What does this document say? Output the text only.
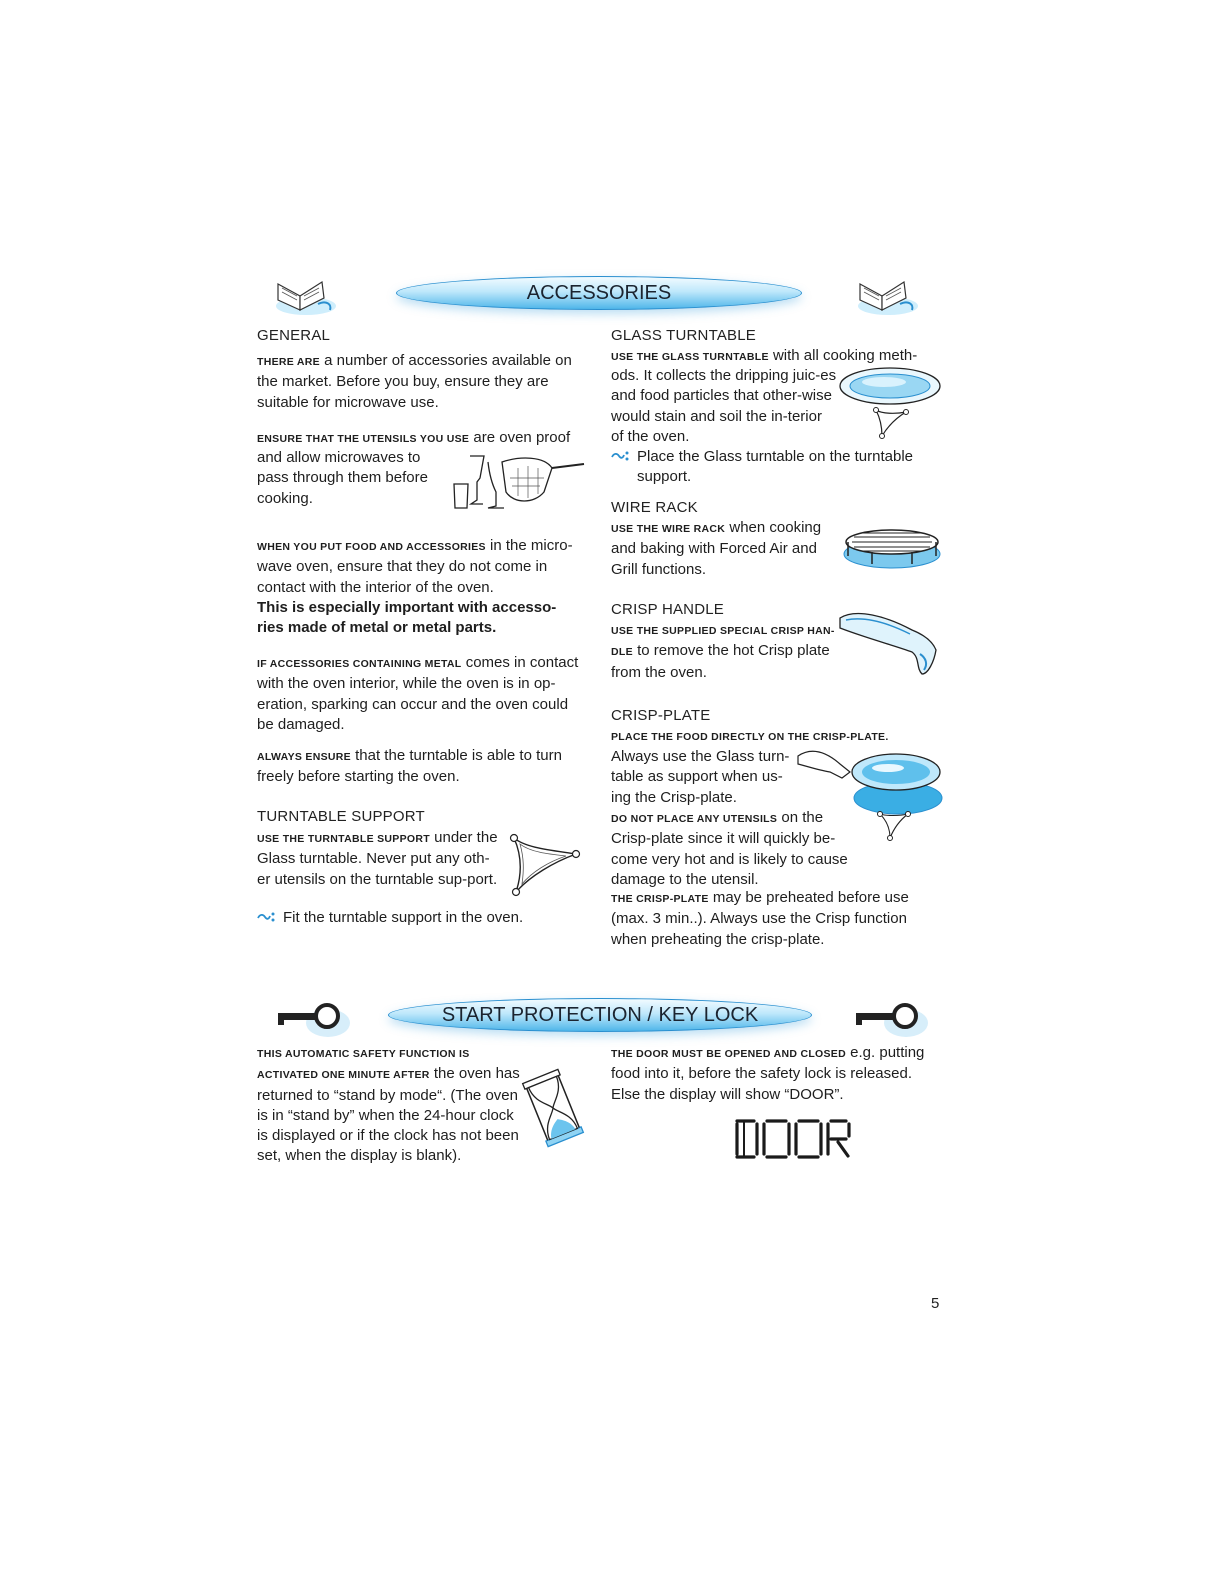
ACCESSORIES
GENERAL
THERE ARE a number of accessories available on the market. Before you buy, ensure they are suitable for microwave use.
ENSURE THAT THE UTENSILS YOU USE are oven proof
and allow microwaves to pass through them before cooking.
WHEN YOU PUT FOOD AND ACCESSORIES in the micro-wave oven, ensure that they do not come in contact with the interior of the oven.
This is especially important with accesso-ries made of metal or metal parts.
IF ACCESSORIES CONTAINING METAL comes in contact with the oven interior, while the oven is in op-eration, sparking can occur and the oven could be damaged.
ALWAYS ENSURE that the turntable is able to turn freely before starting the oven.
TURNTABLE SUPPORT
USE THE TURNTABLE SUPPORT under the Glass turntable. Never put any oth-er utensils on the turntable sup-port.
Fit the turntable support in the oven.
GLASS TURNTABLE
USE THE GLASS TURNTABLE with all cooking meth-
ods. It collects the dripping juic-es and food particles that other-wise would stain and soil the in-terior of the oven.
Place the Glass turntable on the turntable support.
WIRE RACK
USE THE WIRE RACK when cooking and baking with Forced Air and Grill functions.
CRISP HANDLE
USE THE SUPPLIED SPECIAL CRISP HAN-DLE to remove the hot Crisp plate from the oven.
CRISP-PLATE
PLACE THE FOOD DIRECTLY ON THE CRISP-PLATE.
Always use the Glass turn-table as support when us-ing the Crisp-plate.
DO NOT PLACE ANY UTENSILS on the Crisp-plate since it will quickly be-come very hot and is likely to cause damage to the utensil.
THE CRISP-PLATE may be preheated before use (max. 3 min..). Always use the Crisp function when preheating the crisp-plate.
START PROTECTION / KEY LOCK
THIS AUTOMATIC SAFETY FUNCTION IS ACTIVATED ONE MINUTE AFTER the oven has returned to “stand by mode“. (The oven is in “stand by” when the 24-hour clock is displayed or if the clock has not been set, when the display is blank).
THE DOOR MUST BE OPENED AND CLOSED e.g. putting food into it, before the safety lock is released. Else the display will show “DOOR”.
5
